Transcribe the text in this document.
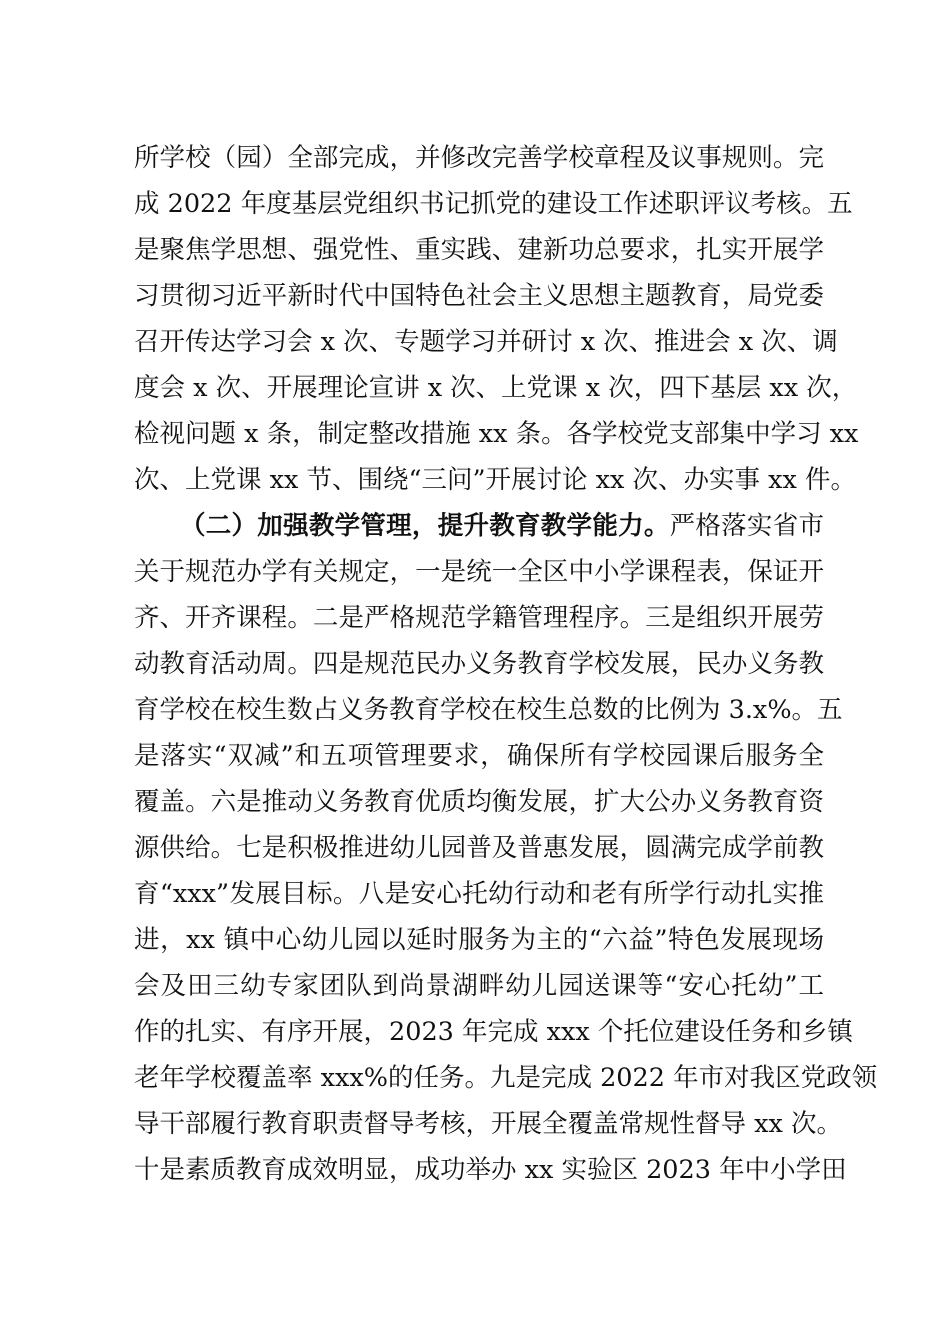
所学校（园）全部完成，并修改完善学校章程及议事规则。完
成 2022 年度基层党组织书记抓党的建设工作述职评议考核。五
是聚焦学思想、强党性、重实践、建新功总要求，扎实开展学
习贯彻习近平新时代中国特色社会主义思想主题教育，局党委
召开传达学习会 x 次、专题学习并研讨 x 次、推进会 x 次、调
度会 x 次、开展理论宣讲 x 次、上党课 x 次，四下基层 xx 次，
检视问题 x 条，制定整改措施 xx 条。各学校党支部集中学习 xx
次、上党课 xx 节、围绕“三问”开展讨论 xx 次、办实事 xx 件。
（二）加强教学管理，提升教育教学能力。严格落实省市
关于规范办学有关规定，一是统一全区中小学课程表，保证开
齐、开齐课程。二是严格规范学籍管理程序。三是组织开展劳
动教育活动周。四是规范民办义务教育学校发展，民办义务教
育学校在校生数占义务教育学校在校生总数的比例为 3.x%。五
是落实“双减”和五项管理要求，确保所有学校园课后服务全
覆盖。六是推动义务教育优质均衡发展，扩大公办义务教育资
源供给。七是积极推进幼儿园普及普惠发展，圆满完成学前教
育“xxx”发展目标。八是安心托幼行动和老有所学行动扎实推
进，xx 镇中心幼儿园以延时服务为主的“六益”特色发展现场
会及田三幼专家团队到尚景湖畔幼儿园送课等“安心托幼”工
作的扎实、有序开展，2023 年完成 xxx 个托位建设任务和乡镇
老年学校覆盖率 xxx%的任务。九是完成 2022 年市对我区党政领
导干部履行教育职责督导考核，开展全覆盖常规性督导 xx 次。
十是素质教育成效明显，成功举办 xx 实验区 2023 年中小学田
